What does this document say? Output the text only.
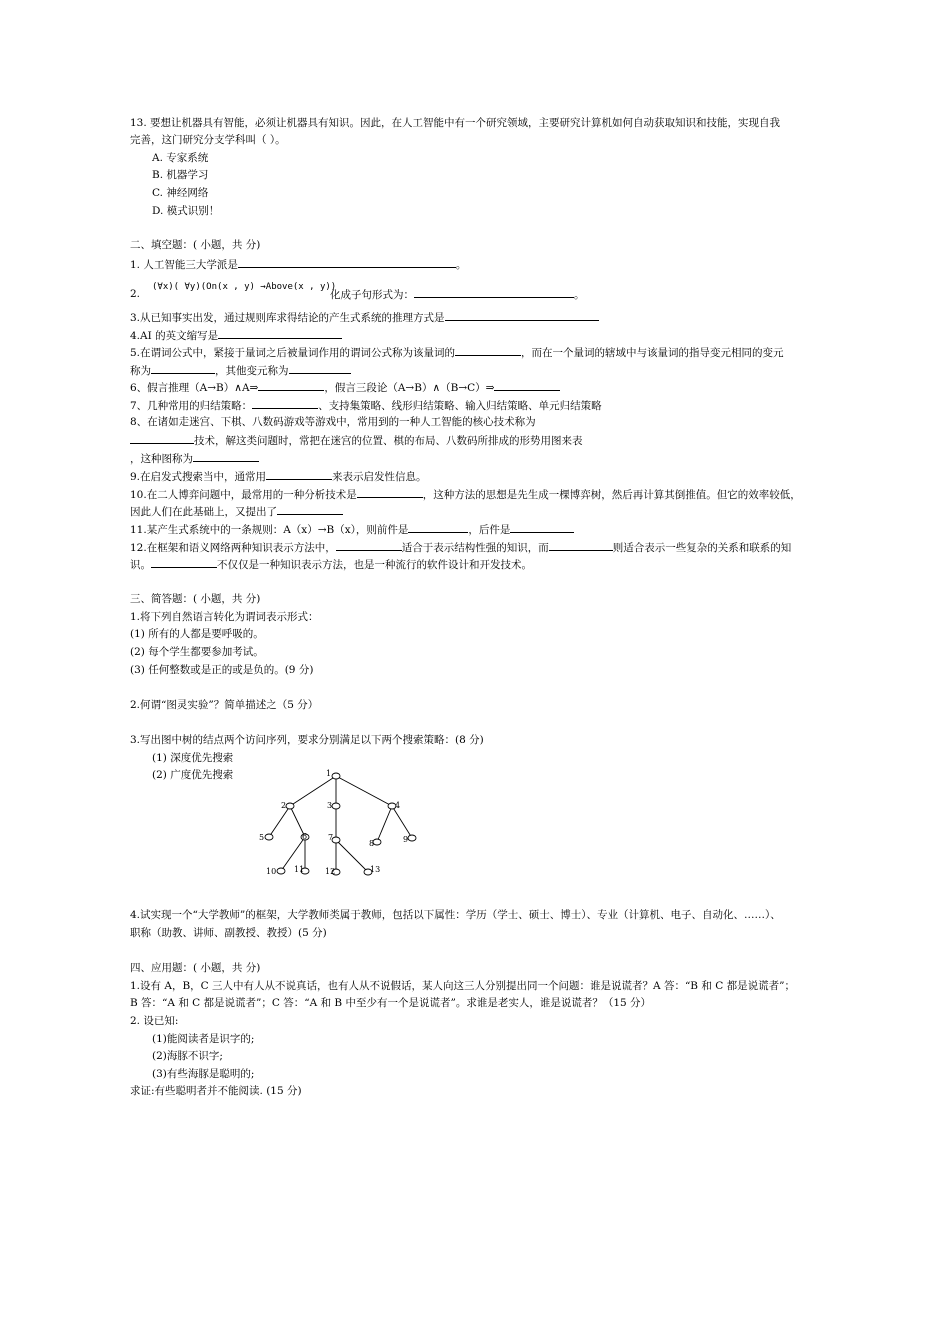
13. 要想让机器具有智能，必须让机器具有知识。因此，在人工智能中有一个研究领域，主要研究计算机如何自动获取知识和技能，实现自我
完善，这门研究分支学科叫（ ）。
A. 专家系统
B. 机器学习
C. 神经网络
D. 模式识别！
二、填空题：( 小题，共 分)
1. 人工智能三大学派是	。
2.
(∀x)( ∀y)(On(x , y) →Above(x , y))
化成子句形式为：	。
3.从已知事实出发，通过规则库求得结论的产生式系统的推理方式是
4.AI 的英文缩写是
5.在谓词公式中，紧接于量词之后被量词作用的谓词公式称为该量词的	，而在一个量词的辖域中与该量词的指导变元相同的变元
称为	，其他变元称为
6、假言推理（A→B）∧A⇒	，假言三段论（A→B）∧（B→C）⇒
7、几种常用的归结策略：	、支持集策略、线形归结策略、输入归结策略、单元归结策略
8、在诸如走迷宫、下棋、八数码游戏等游戏中，常用到的一种人工智能的核心技术称为
技术，解这类问题时，常把在迷宫的位置、棋的布局、八数码所排成的形势用图来表
，这种图称为
9.在启发式搜索当中，通常用	来表示启发性信息。
10.在二人博弈问题中，最常用的一种分析技术是	，这种方法的思想是先生成一棵博弈树，然后再计算其倒推值。但它的效率较低，
因此人们在此基础上，又提出了
11.某产生式系统中的一条规则：A（x）→B（x），则前件是	，后件是
12.在框架和语义网络两种知识表示方法中，	适合于表示结构性强的知识，而	则适合表示一些复杂的关系和联系的知
识。	不仅仅是一种知识表示方法，也是一种流行的软件设计和开发技术。
三、简答题：( 小题，共 分)
1.将下列自然语言转化为谓词表示形式：
(1) 所有的人都是要呼吸的。
(2) 每个学生都要参加考试。
(3) 任何整数或是正的或是负的。(9 分)
2.何谓“图灵实验”？简单描述之（5 分）
3.写出图中树的结点两个访问序列，要求分别满足以下两个搜索策略：(8 分)
(1) 深度优先搜索
(2) 广度优先搜索	1
2	3	4
5	6	7
8	9
10 11	12	13
4.试实现一个“大学教师”的框架，大学教师类属于教师，包括以下属性：学历（学士、硕士、博士）、专业（计算机、电子、自动化、……）、
职称（助教、讲师、副教授、教授）(5 分)
四、应用题：( 小题，共 分)
1.设有 A，B，C 三人中有人从不说真话，也有人从不说假话，某人向这三人分别提出同一个问题：谁是说谎者？A 答：“B 和 C 都是说谎者”；
B 答：“A 和 C 都是说谎者”；C 答：“A 和 B 中至少有一个是说谎者”。求谁是老实人，谁是说谎者？（15 分）
2. 设已知:
(1)能阅读者是识字的;
(2)海豚不识字;
(3)有些海豚是聪明的;
求证:有些聪明者并不能阅读. (15 分)
